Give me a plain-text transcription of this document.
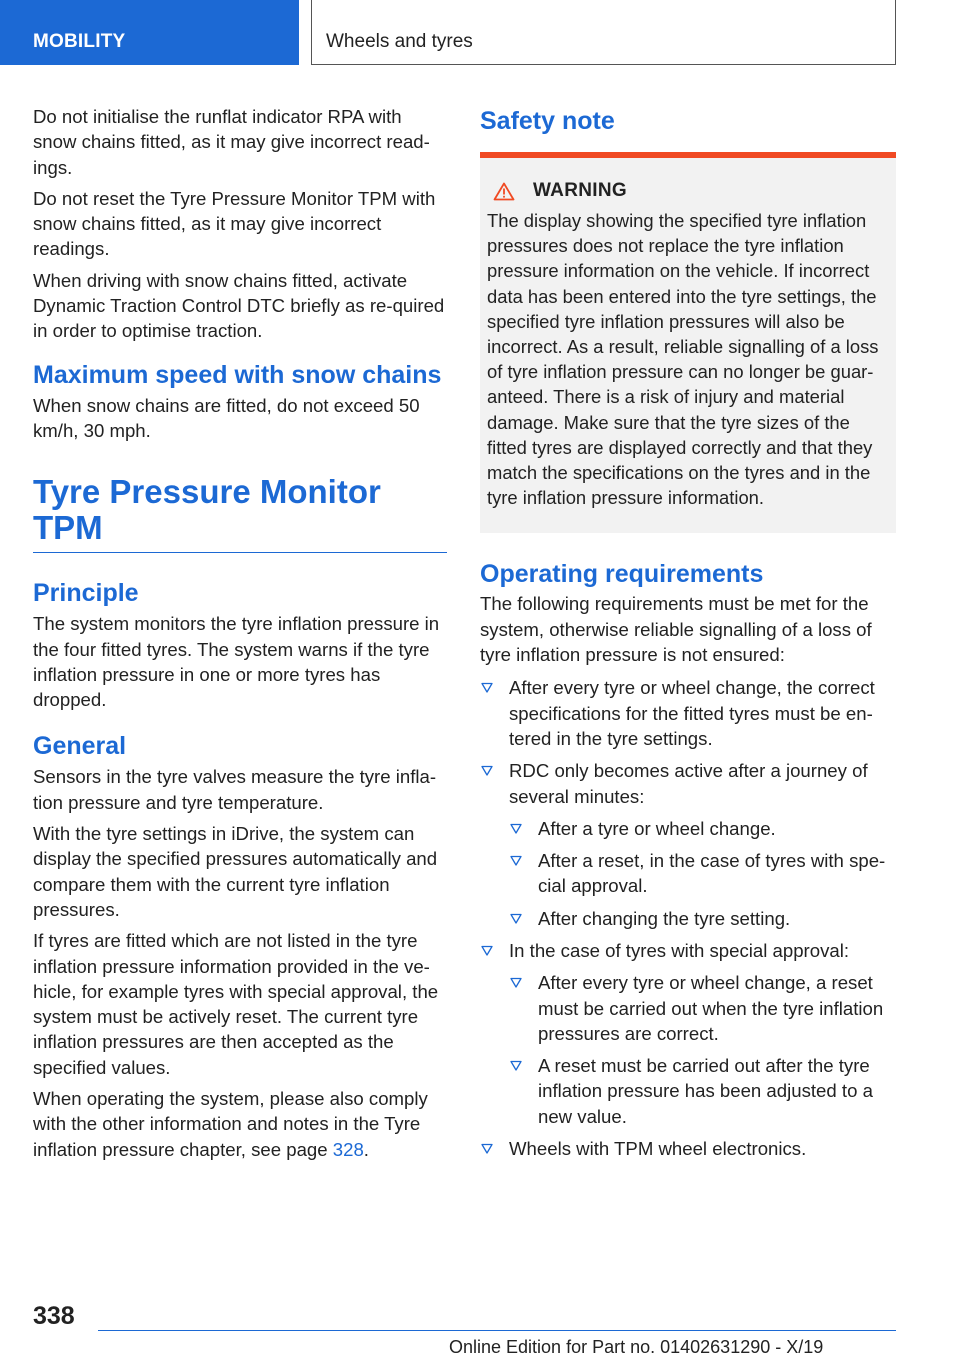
MOBILITY	Wheels and tyres

Do not initialise the runflat indicator RPA with snow chains fitted, as it may give incorrect read‐ings.

Do not reset the Tyre Pressure Monitor TPM with snow chains fitted, as it may give incorrect readings.

When driving with snow chains fitted, activate Dynamic Traction Control DTC briefly as re‐quired in order to optimise traction.

Maximum speed with snow chains

When snow chains are fitted, do not exceed 50 km/h, 30 mph.

Tyre Pressure Monitor TPM
Principle

The system monitors the tyre inflation pressure in the four fitted tyres. The system warns if the tyre inflation pressure in one or more tyres has dropped.

General

Sensors in the tyre valves measure the tyre infla‐tion pressure and tyre temperature.

With the tyre settings in iDrive, the system can display the specified pressures automatically and compare them with the current tyre inflation pressures.

If tyres are fitted which are not listed in the tyre inflation pressure information provided in the ve‐hicle, for example tyres with special approval, the system must be actively reset. The current tyre inflation pressures are then accepted as the specified values.

When operating the system, please also comply with the other information and notes in the Tyre inflation pressure chapter, see page 328.

Safety note
WARNING

The display showing the specified tyre inflation pressures does not replace the tyre inflation pressure information on the vehicle. If incorrect data has been entered into the tyre settings, the specified tyre inflation pressures will also be incorrect. As a result, reliable signalling of a loss of tyre inflation pressure can no longer be guar‐anteed. There is a risk of injury and material damage. Make sure that the tyre sizes of the fitted tyres are displayed correctly and that they match the specifications on the tyres and in the tyre inflation pressure information.

Operating requirements

The following requirements must be met for the system, otherwise reliable signalling of a loss of tyre inflation pressure is not ensured:

After every tyre or wheel change, the correct specifications for the fitted tyres must be en‐tered in the tyre settings.
RDC only becomes active after a journey of several minutes:
After a tyre or wheel change.
After a reset, in the case of tyres with spe‐cial approval.
After changing the tyre setting.
In the case of tyres with special approval:
After every tyre or wheel change, a reset must be carried out when the tyre inflation pressures are correct.
A reset must be carried out after the tyre inflation pressure has been adjusted to a new value.
Wheels with TPM wheel electronics.
338
Online Edition for Part no. 01402631290 - X/19
